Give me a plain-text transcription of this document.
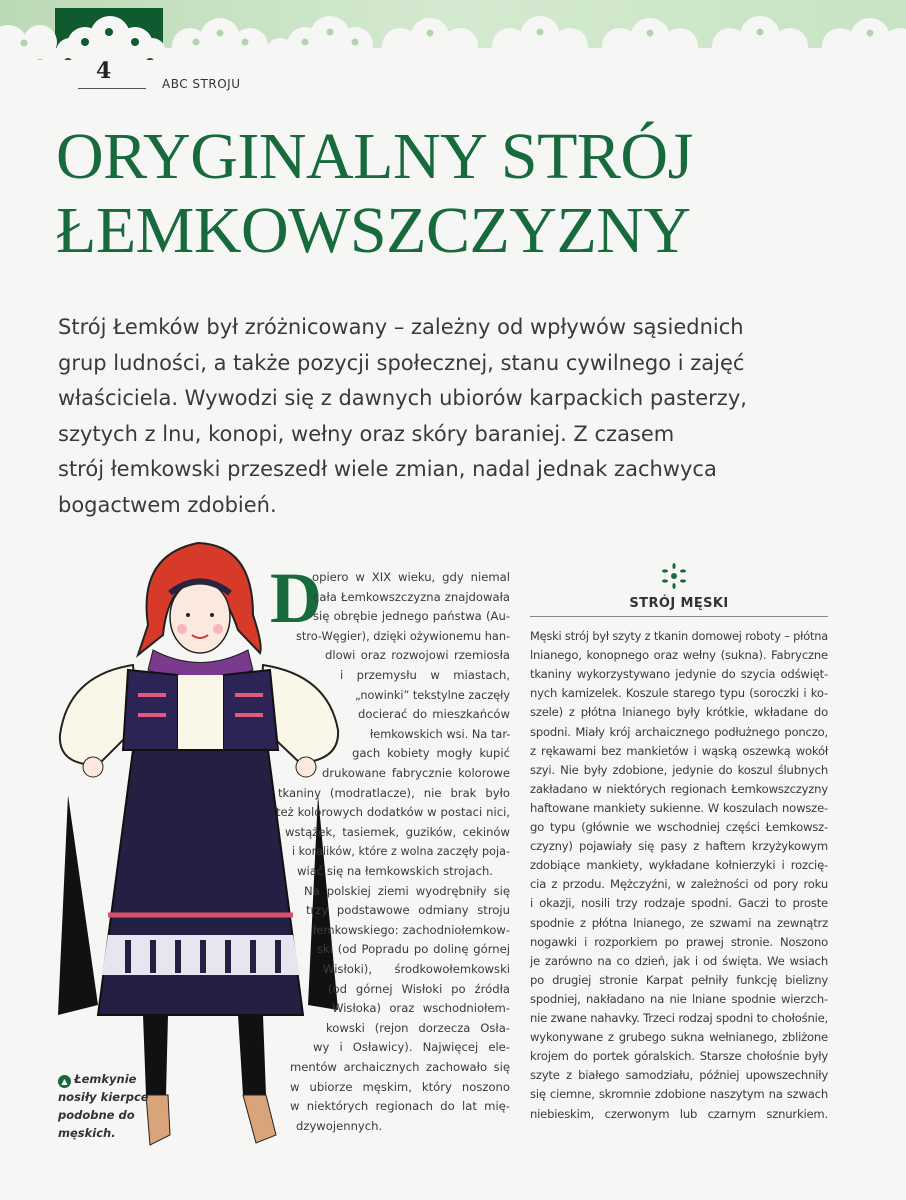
4	ABC STROJU
ORYGINALNY STRÓJ
ŁEMKOWSZCZYZNY
Strój Łemków był zróżnicowany – zależny od wpływów sąsiednich
grup ludności, a także pozycji społecznej, stanu cywilnego i zajęć
właściciela. Wywodzi się z dawnych ubiorów karpackich pasterzy,
szytych z lnu, konopi, wełny oraz skóry baraniej. Z czasem
strój łemkowski przeszedł wiele zmian, nadal jednak zachwyca
bogactwem zdobień.
D
opiero w XIX wieku, gdy niemal
cała Łemkowszczyzna znajdowała
się obrębie jednego państwa (Au-
stro-Węgier), dzięki ożywionemu han-
dlowi oraz rozwojowi rzemiosła
i przemysłu w miastach,
„nowinki” tekstylne zaczęły
docierać do mieszkańców
łemkowskich wsi. Na tar-
gach kobiety mogły kupić
drukowane fabrycznie kolorowe
tkaniny (modratlacze), nie brak było
też kolorowych dodatków w postaci nici,
wstążek, tasiemek, guzików, cekinów
i koralików, które z wolna zaczęły poja-
wiać się na łemkowskich strojach.
Na polskiej ziemi wyodrębniły się
trzy podstawowe odmiany stroju
łemkowskiego: zachodniołemkow-
ski (od Popradu po dolinę górnej
Wisłoki), środkowołemkowski
(od górnej Wisłoki po źródła
Wisłoka) oraz wschodniołem-
kowski (rejon dorzecza Osła-
wy i Osławicy). Najwięcej ele-
mentów archaicznych zachowało się
w ubiorze męskim, który noszono
w niektórych regionach do lat mię-
dzywojennych.
STRÓJ MĘSKI
Męski strój był szyty z tkanin domowej roboty – płótna
lnianego, konopnego oraz wełny (sukna). Fabryczne
tkaniny wykorzystywano jedynie do szycia odświęt-
nych kamizelek. Koszule starego typu (soroczki i ko-
szele) z płótna lnianego były krótkie, wkładane do
spodni. Miały krój archaicznego podłużnego ponczo,
z rękawami bez mankietów i wąską oszewką wokół
szyi. Nie były zdobione, jedynie do koszul ślubnych
zakładano w niektórych regionach Łemkowszczyzny
haftowane mankiety sukienne. W koszulach nowsze-
go typu (głównie we wschodniej części Łemkowsz-
czyzny) pojawiały się pasy z haftem krzyżykowym
zdobiące mankiety, wykładane kołnierzyki i rozcię-
cia z przodu. Mężczyźni, w zależności od pory roku
i okazji, nosili trzy rodzaje spodni. Gaczi to proste
spodnie z płótna lnianego, ze szwami na zewnątrz
nogawki i rozporkiem po prawej stronie. Noszono
je zarówno na co dzień, jak i od święta. We wsiach
po drugiej stronie Karpat pełniły funkcję bielizny
spodniej, nakładano na nie lniane spodnie wierzch-
nie zwane nahavky. Trzeci rodzaj spodni to chołośnie,
wykonywane z grubego sukna wełnianego, zbliżone
krojem do portek góralskich. Starsze chołośnie były
szyte z białego samodziału, później upowszechniły
się ciemne, skromnie zdobione naszytym na szwach
niebieskim, czerwonym lub czarnym sznurkiem.
▲ Łemkynie nosiły kierpce podobne do męskich.
